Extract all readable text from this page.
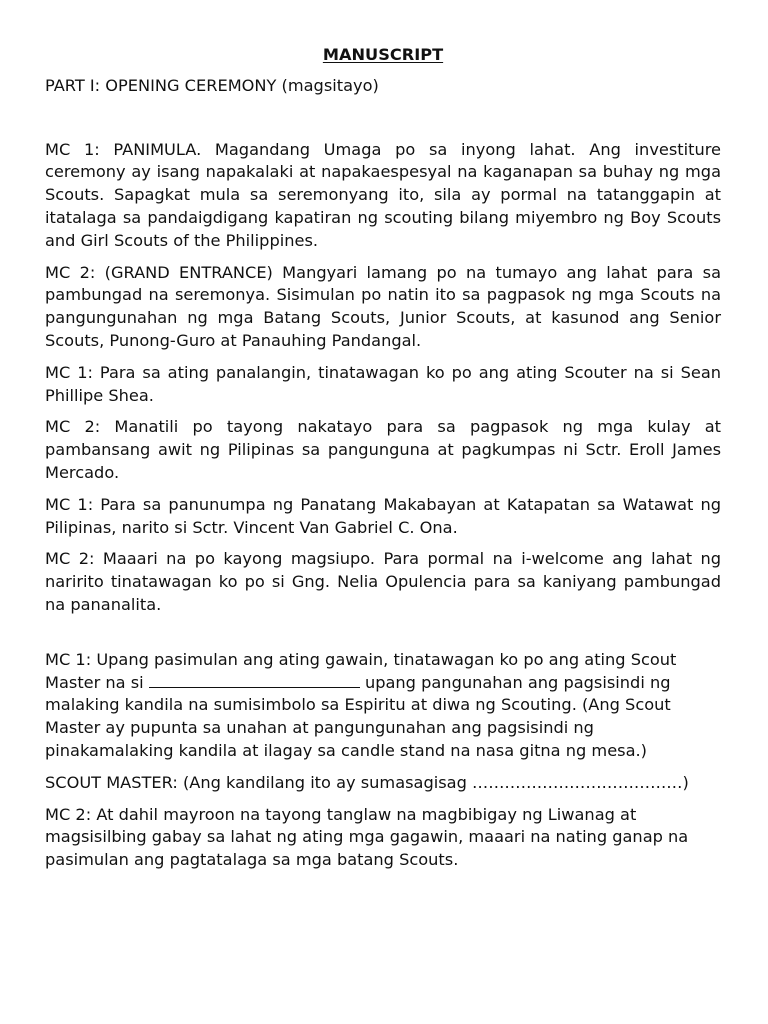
MANUSCRIPT

PART I: OPENING CEREMONY (magsitayo)

MC 1: PANIMULA. Magandang Umaga po sa inyong lahat. Ang investiture ceremony ay isang napakalaki at napakaespesyal na kaganapan sa buhay ng mga Scouts. Sapagkat mula sa seremonyang ito, sila ay pormal na tatanggapin at itatalaga sa pandaigdigang kapatiran ng scouting bilang miyembro ng Boy Scouts and Girl Scouts of the Philippines.

MC 2: (GRAND ENTRANCE) Mangyari lamang po na tumayo ang lahat para sa pambungad na seremonya. Sisimulan po natin ito sa pagpasok ng mga Scouts na pangungunahan ng mga Batang Scouts, Junior Scouts, at kasunod ang Senior Scouts, Punong-Guro at Panauhing Pandangal.

MC 1: Para sa ating panalangin, tinatawagan ko po ang ating Scouter na si Sean Phillipe Shea.

MC 2: Manatili po tayong nakatayo para sa pagpasok ng mga kulay at pambansang awit ng Pilipinas sa pangunguna at pagkumpas ni Sctr. Eroll James Mercado.

MC 1: Para sa panunumpa ng Panatang Makabayan at Katapatan sa Watawat ng Pilipinas, narito si Sctr. Vincent Van Gabriel C. Ona.

MC 2: Maaari na po kayong magsiupo. Para pormal na i-welcome ang lahat ng naririto tinatawagan ko po si Gng. Nelia Opulencia para sa kaniyang pambungad na pananalita.

MC 1: Upang pasimulan ang ating gawain, tinatawagan ko po ang ating Scout Master na si	upang pangunahan ang pagsisindi ng malaking kandila na sumisimbolo sa Espiritu at diwa ng Scouting. (Ang Scout Master ay pupunta sa unahan at pangungunahan ang pagsisindi ng pinakamalaking kandila at ilagay sa candle stand na nasa gitna ng mesa.)

SCOUT MASTER: (Ang kandilang ito ay sumasagisag …………………………………)

MC 2: At dahil mayroon na tayong tanglaw na magbibigay ng Liwanag at magsisilbing gabay sa lahat ng ating mga gagawin, maaari na nating ganap na pasimulan ang pagtatalaga sa mga batang Scouts.
